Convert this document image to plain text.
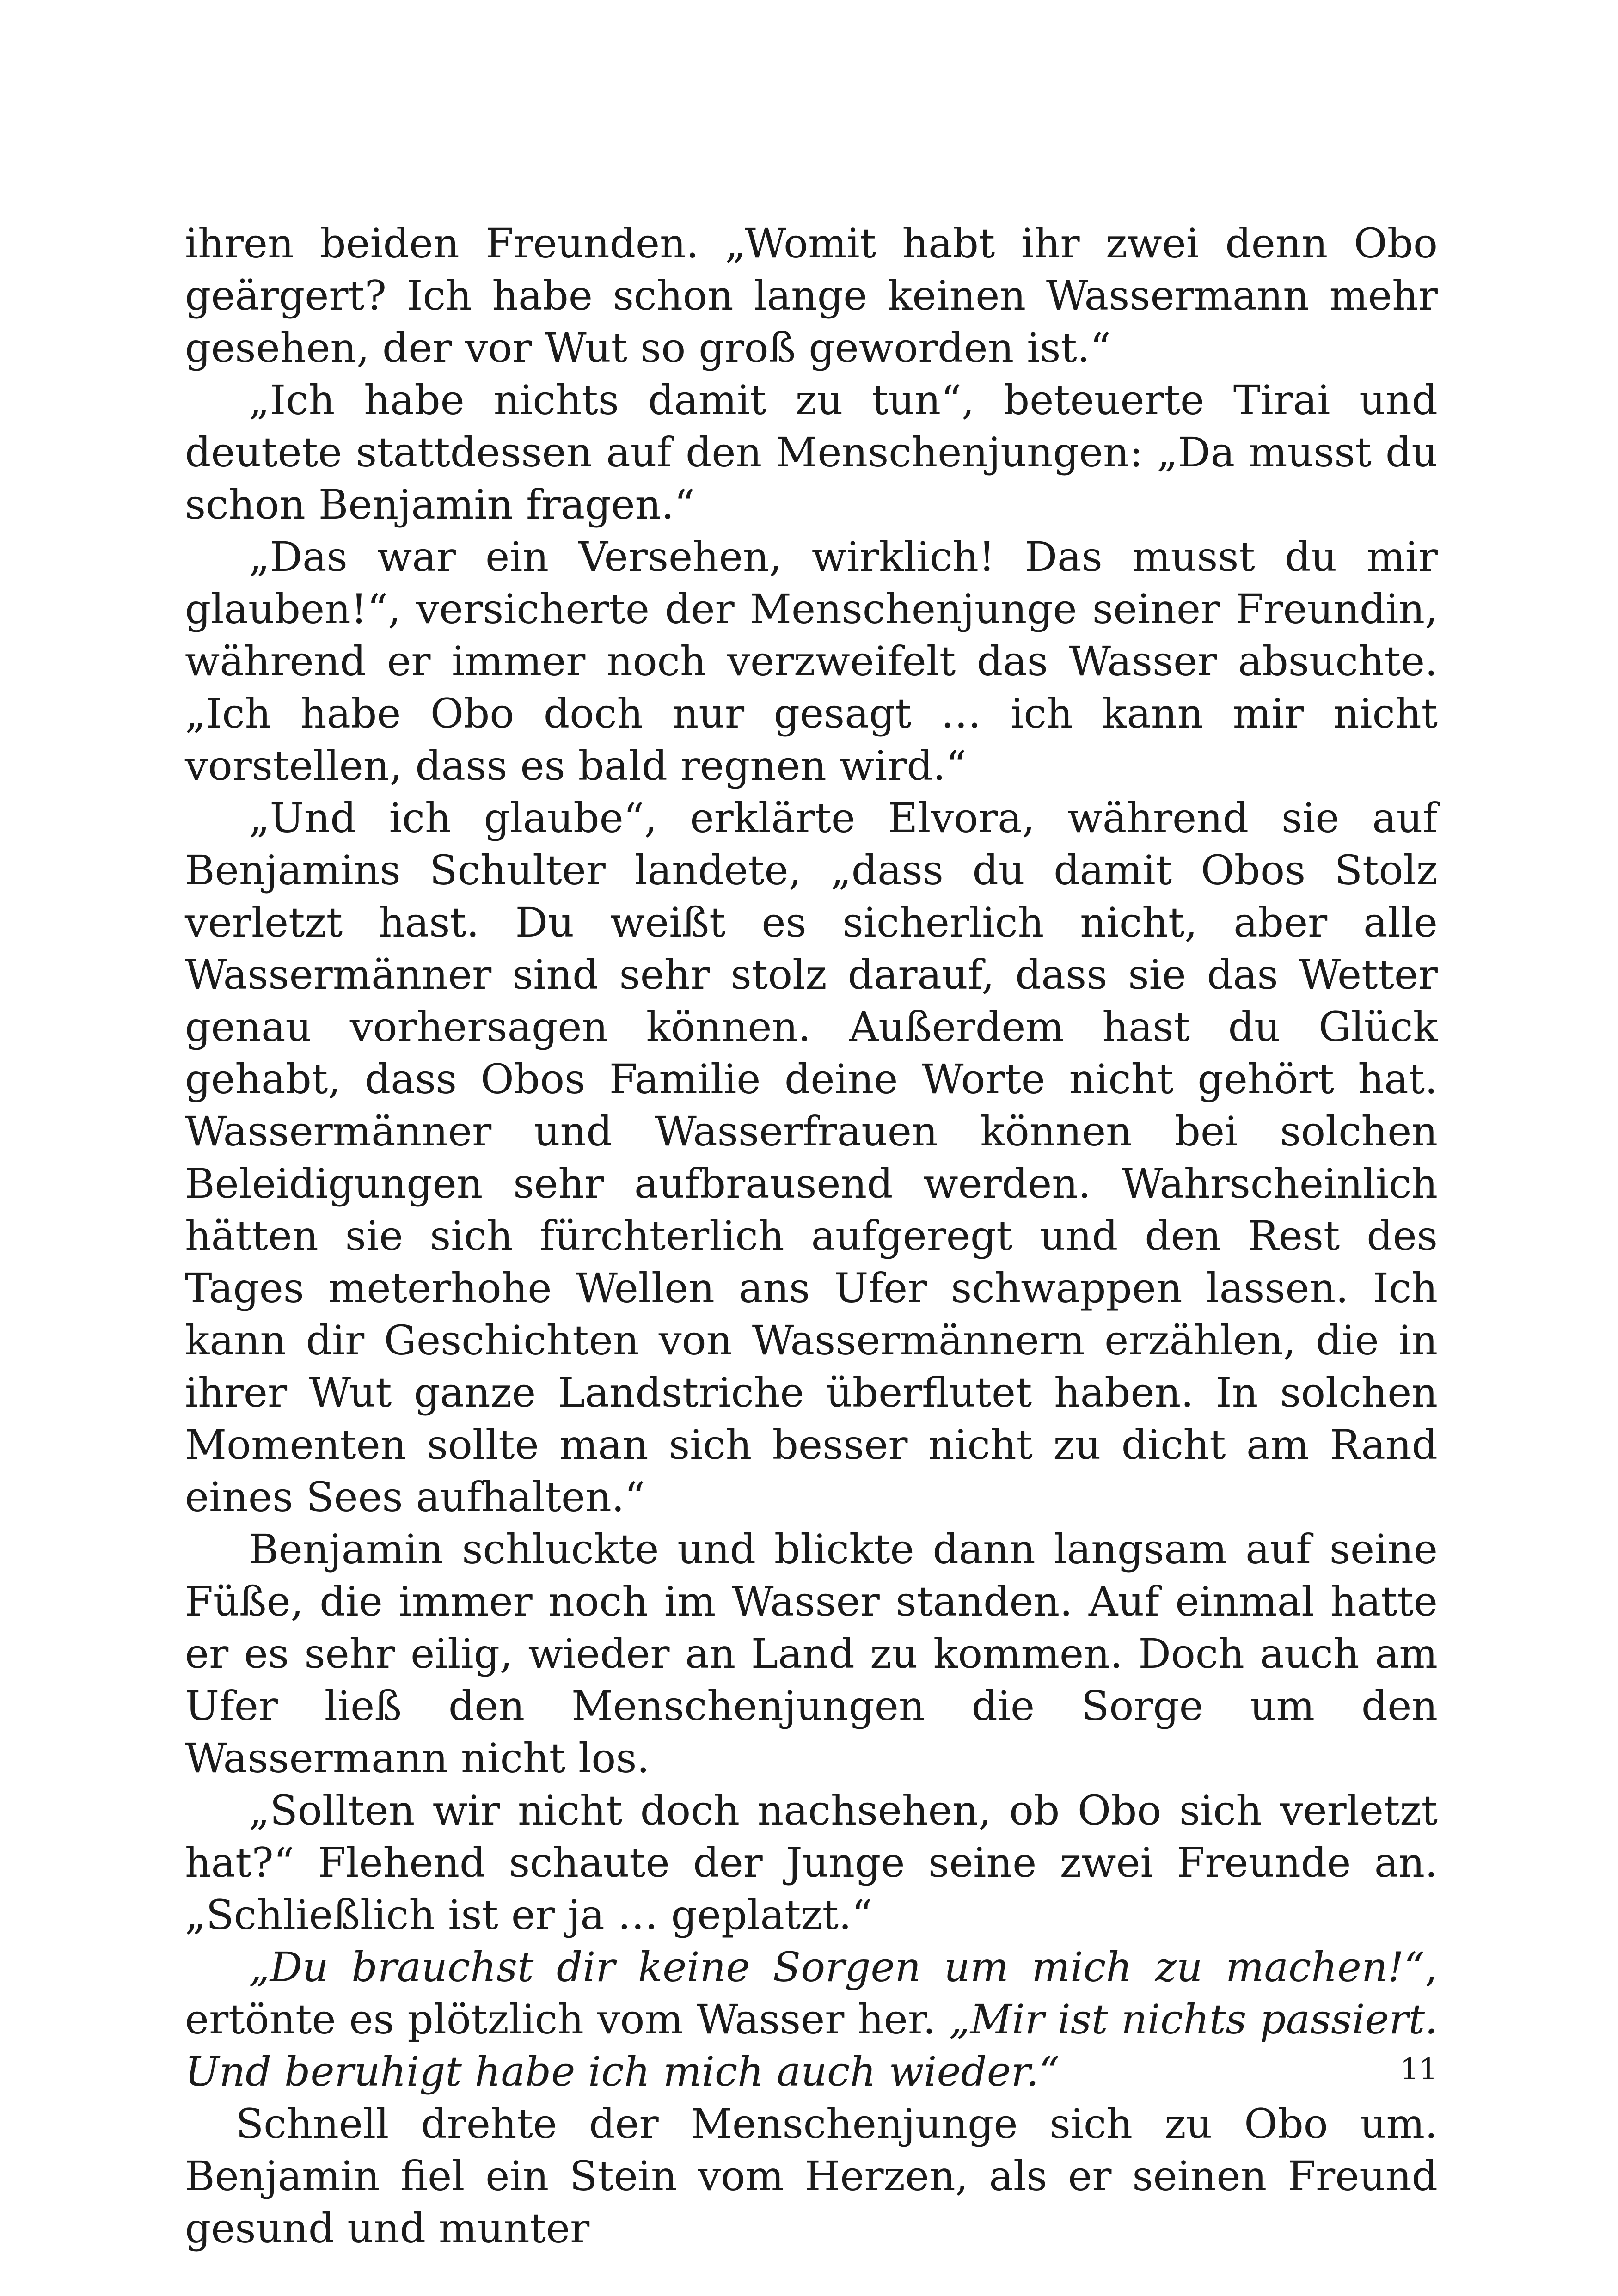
ihren beiden Freunden. „Womit habt ihr zwei denn Obo geärgert? Ich habe schon lange keinen Wassermann mehr gesehen, der vor Wut so groß geworden ist.“

„Ich habe nichts damit zu tun“, beteuerte Tirai und deutete stattdessen auf den Menschenjungen: „Da musst du schon Benjamin fragen.“

„Das war ein Versehen, wirklich! Das musst du mir glauben!“, versicherte der Menschenjunge seiner Freundin, während er immer noch verzweifelt das Wasser absuchte. „Ich habe Obo doch nur gesagt … ich kann mir nicht vorstellen, dass es bald regnen wird.“

„Und ich glaube“, erklärte Elvora, während sie auf Benjamins Schulter landete, „dass du damit Obos Stolz verletzt hast. Du weißt es sicherlich nicht, aber alle Wassermänner sind sehr stolz darauf, dass sie das Wetter genau vorhersagen können. Außerdem hast du Glück gehabt, dass Obos Familie deine Worte nicht gehört hat. Wassermänner und Wasserfrauen können bei solchen Beleidigungen sehr aufbrausend werden. Wahrscheinlich hätten sie sich fürchterlich aufgeregt und den Rest des Tages meterhohe Wellen ans Ufer schwappen lassen. Ich kann dir Geschichten von Wassermännern erzählen, die in ihrer Wut ganze Landstriche überflutet haben. In solchen Momenten sollte man sich besser nicht zu dicht am Rand eines Sees aufhalten.“

Benjamin schluckte und blickte dann langsam auf seine Füße, die immer noch im Wasser standen. Auf einmal hatte er es sehr eilig, wieder an Land zu kommen. Doch auch am Ufer ließ den Menschenjungen die Sorge um den Wassermann nicht los.

„Sollten wir nicht doch nachsehen, ob Obo sich verletzt hat?“ Flehend schaute der Junge seine zwei Freunde an. „Schließlich ist er ja … geplatzt.“

„Du brauchst dir keine Sorgen um mich zu machen!“, ertönte es plötzlich vom Wasser her. „Mir ist nichts passiert. Und beruhigt habe ich mich auch wieder.“

Schnell drehte der Menschenjunge sich zu Obo um. Benjamin fiel ein Stein vom Herzen, als er seinen Freund gesund und munter

11
